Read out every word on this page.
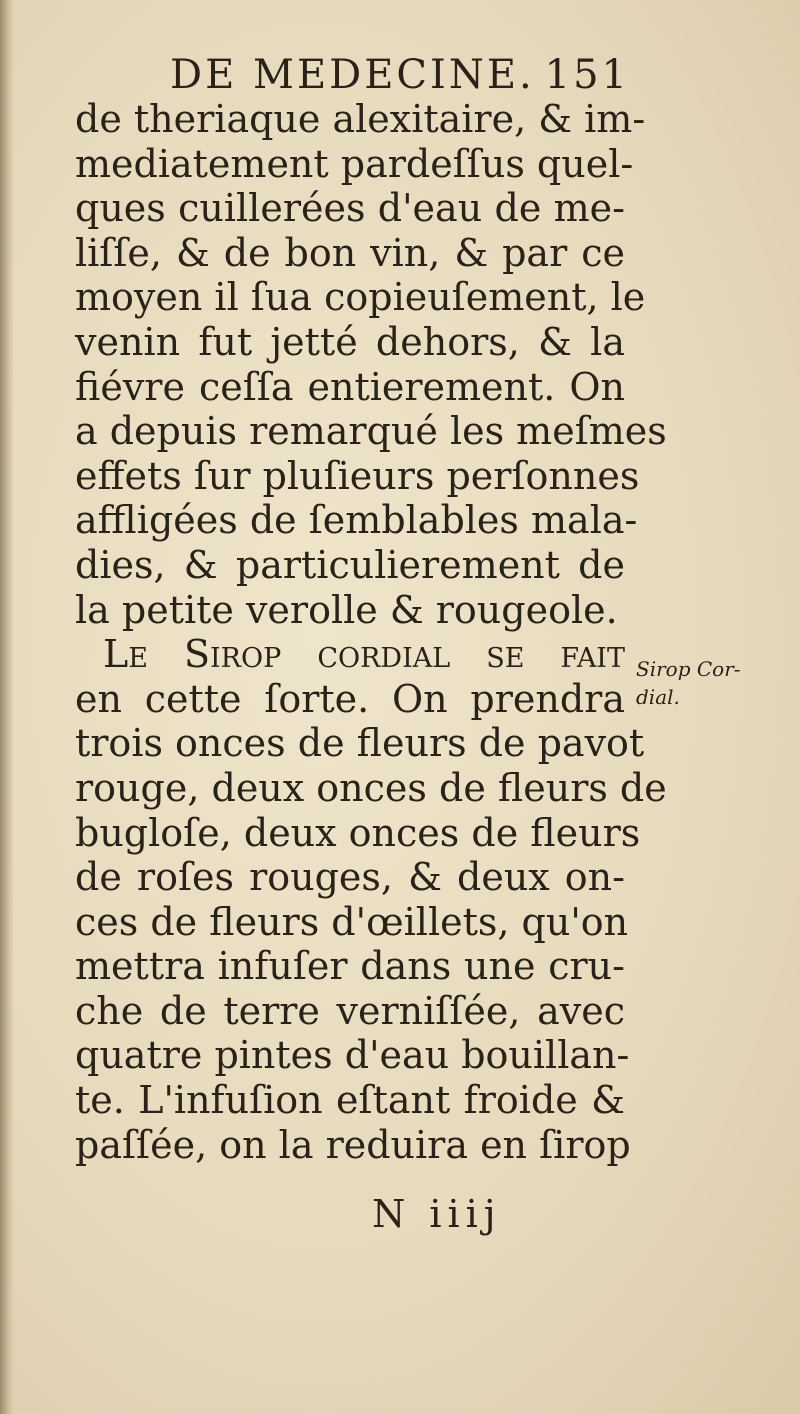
DE MEDECINE. 151
de theriaque alexitaire, & im-
mediatement pardeſſus quel-
ques cuillerées d'eau de me-
liſſe, & de bon vin, & par ce
moyen il ſua copieuſement, le
venin fut jetté dehors, & la
fiévre ceſſa entierement. On
a depuis remarqué les meſmes
effets ſur pluſieurs perſonnes
affligées de ſemblables mala-
dies, & particulierement de
la petite verolle & rougeole.
Le Sirop cordial ſe fait
en cette ſorte. On prendra
trois onces de fleurs de pavot
rouge, deux onces de fleurs de
bugloſe, deux onces de fleurs
de roſes rouges, & deux on-
ces de fleurs d'œillets, qu'on
mettra infuſer dans une cru-
che de terre verniſſée, avec
quatre pintes d'eau bouillan-
te. L'infuſion eſtant froide &
paſſée, on la reduira en ſirop
Sirop Cor-
dial.
N iiij
